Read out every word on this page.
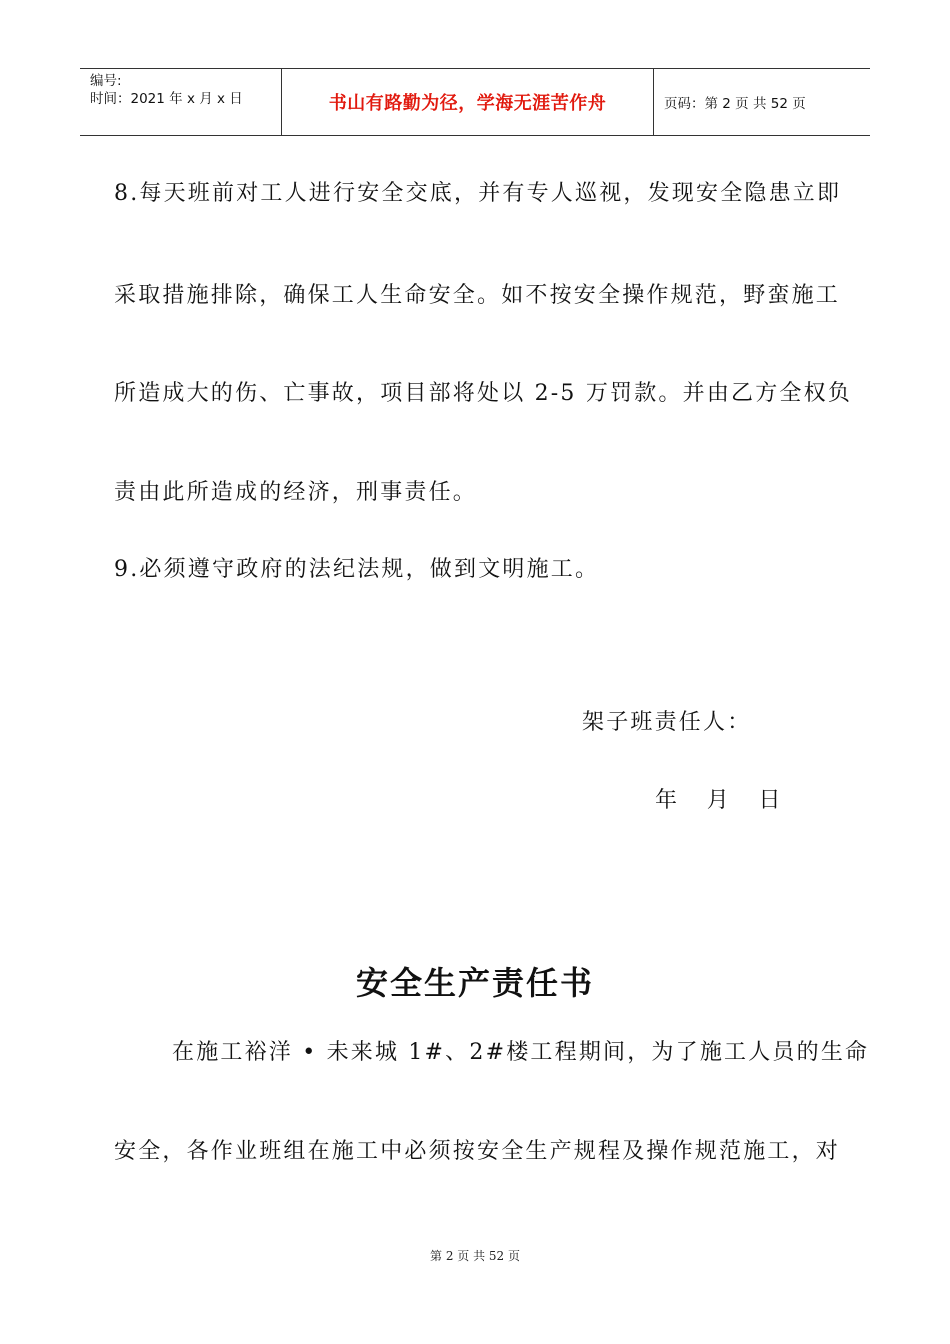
编号:
时间：2021 年 x 月 x 日	书山有路勤为径，学海无涯苦作舟	页码：第 2 页 共 52 页
8.每天班前对工人进行安全交底，并有专人巡视，发现安全隐患立即
采取措施排除，确保工人生命安全。如不按安全操作规范，野蛮施工
所造成大的伤、亡事故，项目部将处以 2-5 万罚款。并由乙方全权负
责由此所造成的经济，刑事责任。
9.必须遵守政府的法纪法规，做到文明施工。
架子班责任人：
年   月   日
安全生产责任书
在施工裕洋 • 未来城 1#、2#楼工程期间，为了施工人员的生命
安全，各作业班组在施工中必须按安全生产规程及操作规范施工，对
第 2 页 共 52 页
